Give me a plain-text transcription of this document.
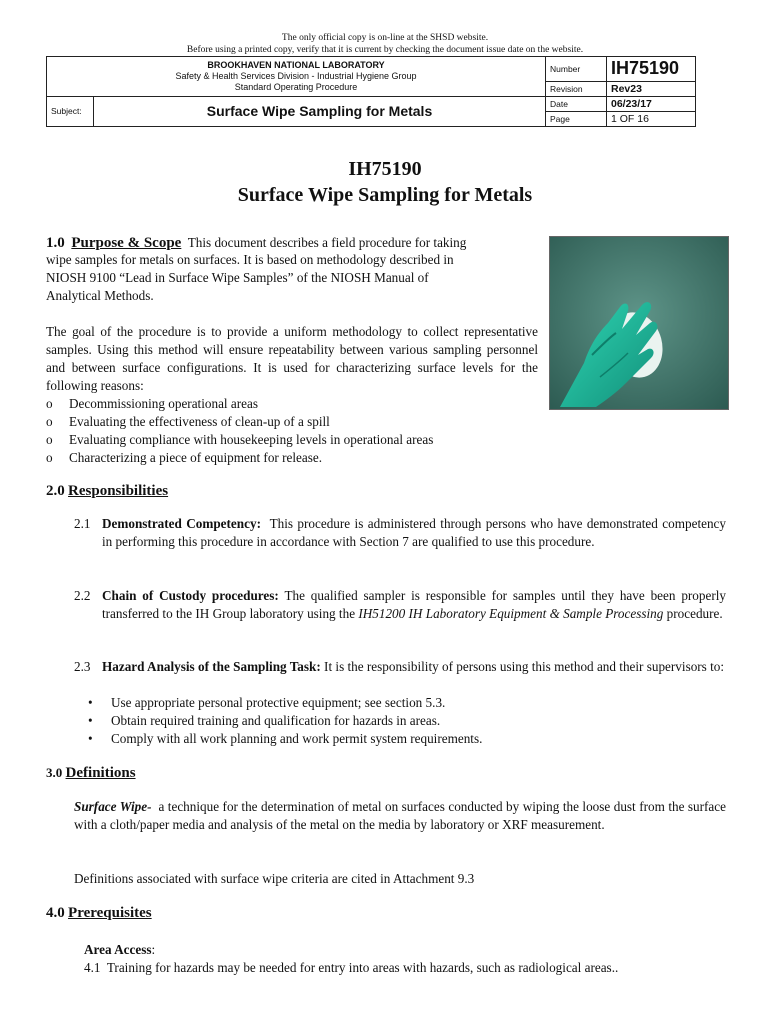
The only official copy is on-line at the SHSD website.
Before using a printed copy, verify that it is current by checking the document issue date on the website.
BROOKHAVEN NATIONAL LABORATORY
Safety & Health Services Division - Industrial Hygiene Group
Standard Operating Procedure		Number	IH75190
		Revision	Rev23
Subject:	Surface Wipe Sampling for Metals	Date	06/23/17
		Page	1 OF 16
IH75190
Surface Wipe Sampling for Metals
1.0 Purpose & Scope This document describes a field procedure for taking
wipe samples for metals on surfaces. It is based on methodology described in
NIOSH 9100 “Lead in Surface Wipe Samples” of the NIOSH Manual of
Analytical Methods.
The goal of the procedure is to provide a uniform methodology to collect representative samples. Using this method will ensure repeatability between various sampling personnel and between surface configurations. It is used for characterizing surface levels for the following reasons:
o Decommissioning operational areas
o Evaluating the effectiveness of clean-up of a spill
o Evaluating compliance with housekeeping levels in operational areas
o Characterizing a piece of equipment for release.
2.0 Responsibilities
2.1 Demonstrated Competency: This procedure is administered through persons who have demonstrated competency in performing this procedure in accordance with Section 7 are qualified to use this procedure.
2.2 Chain of Custody procedures: The qualified sampler is responsible for samples until they have been properly transferred to the IH Group laboratory using the IH51200 IH Laboratory Equipment & Sample Processing procedure.
2.3 Hazard Analysis of the Sampling Task: It is the responsibility of persons using this method and their supervisors to:
• Use appropriate personal protective equipment; see section 5.3.
• Obtain required training and qualification for hazards in areas.
• Comply with all work planning and work permit system requirements.
3.0 Definitions
Surface Wipe- a technique for the determination of metal on surfaces conducted by wiping the loose dust from the surface with a cloth/paper media and analysis of the metal on the media by laboratory or XRF measurement.
Definitions associated with surface wipe criteria are cited in Attachment 9.3
4.0 Prerequisites
Area Access:
4.1 Training for hazards may be needed for entry into areas with hazards, such as radiological areas..
